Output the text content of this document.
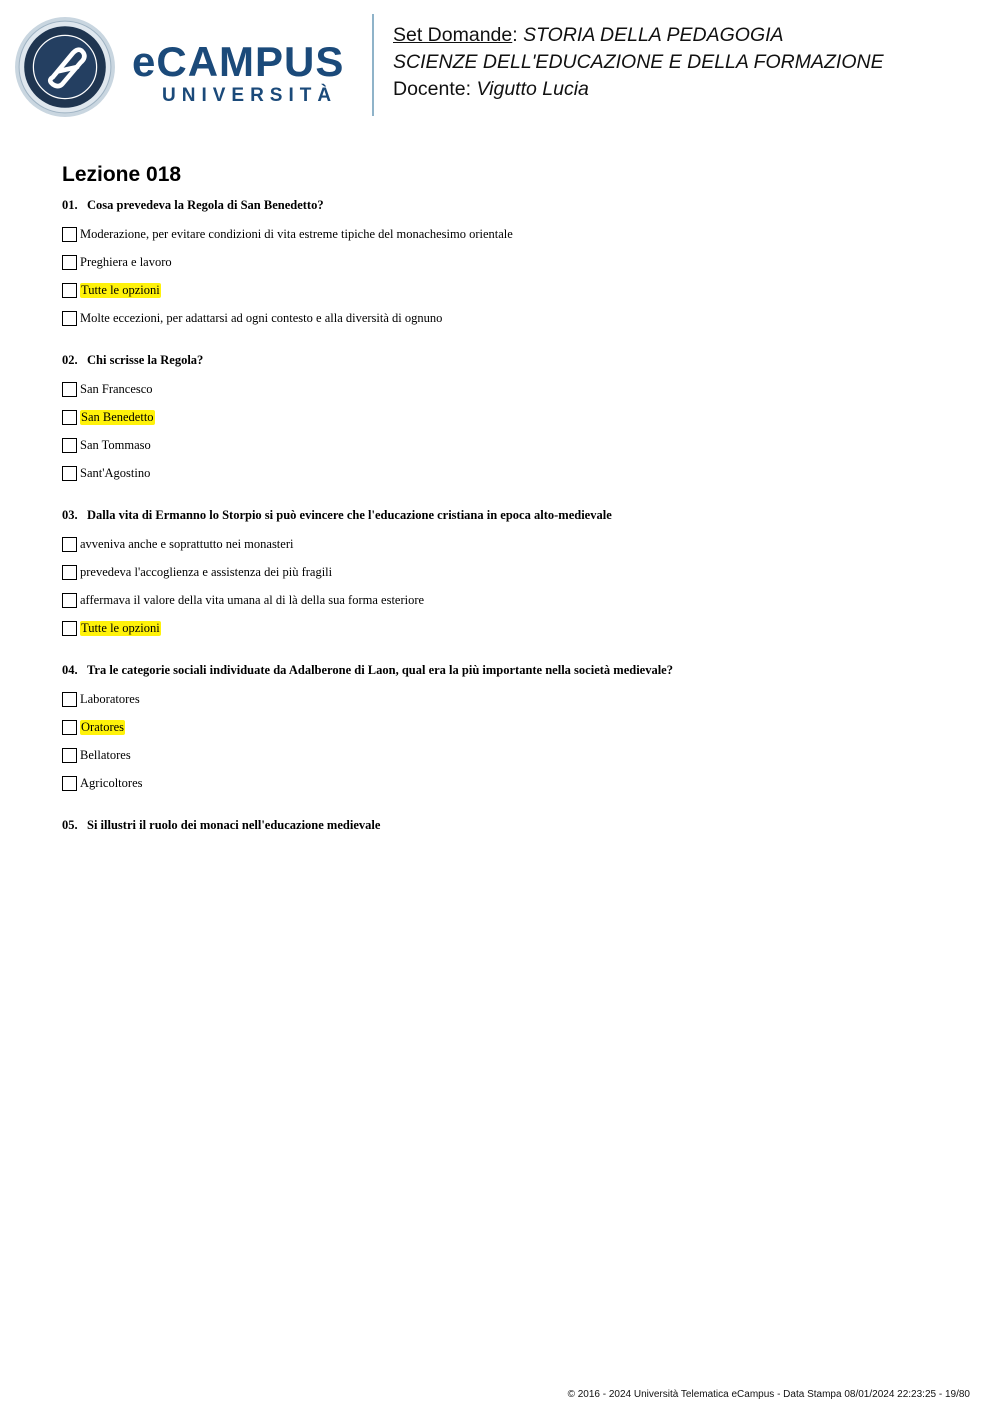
eCAMPUS
UNIVERSITÀ
Set Domande: STORIA DELLA PEDAGOGIA
SCIENZE DELL'EDUCAZIONE E DELLA FORMAZIONE
Docente: Vigutto Lucia
Lezione 018
01. Cosa prevedeva la Regola di San Benedetto?
Moderazione, per evitare condizioni di vita estreme tipiche del monachesimo orientale
Preghiera e lavoro
Tutte le opzioni
Molte eccezioni, per adattarsi ad ogni contesto e alla diversità di ognuno
02. Chi scrisse la Regola?
San Francesco
San Benedetto
San Tommaso
Sant'Agostino
03. Dalla vita di Ermanno lo Storpio si può evincere che l'educazione cristiana in epoca alto-medievale
avveniva anche e soprattutto nei monasteri
prevedeva l'accoglienza e assistenza dei più fragili
affermava il valore della vita umana al di là della sua forma esteriore
Tutte le opzioni
04. Tra le categorie sociali individuate da Adalberone di Laon, qual era la più importante nella società medievale?
Laboratores
Oratores
Bellatores
Agricoltores
05. Si illustri il ruolo dei monaci nell'educazione medievale
© 2016 - 2024 Università Telematica eCampus - Data Stampa 08/01/2024 22:23:25 - 19/80
